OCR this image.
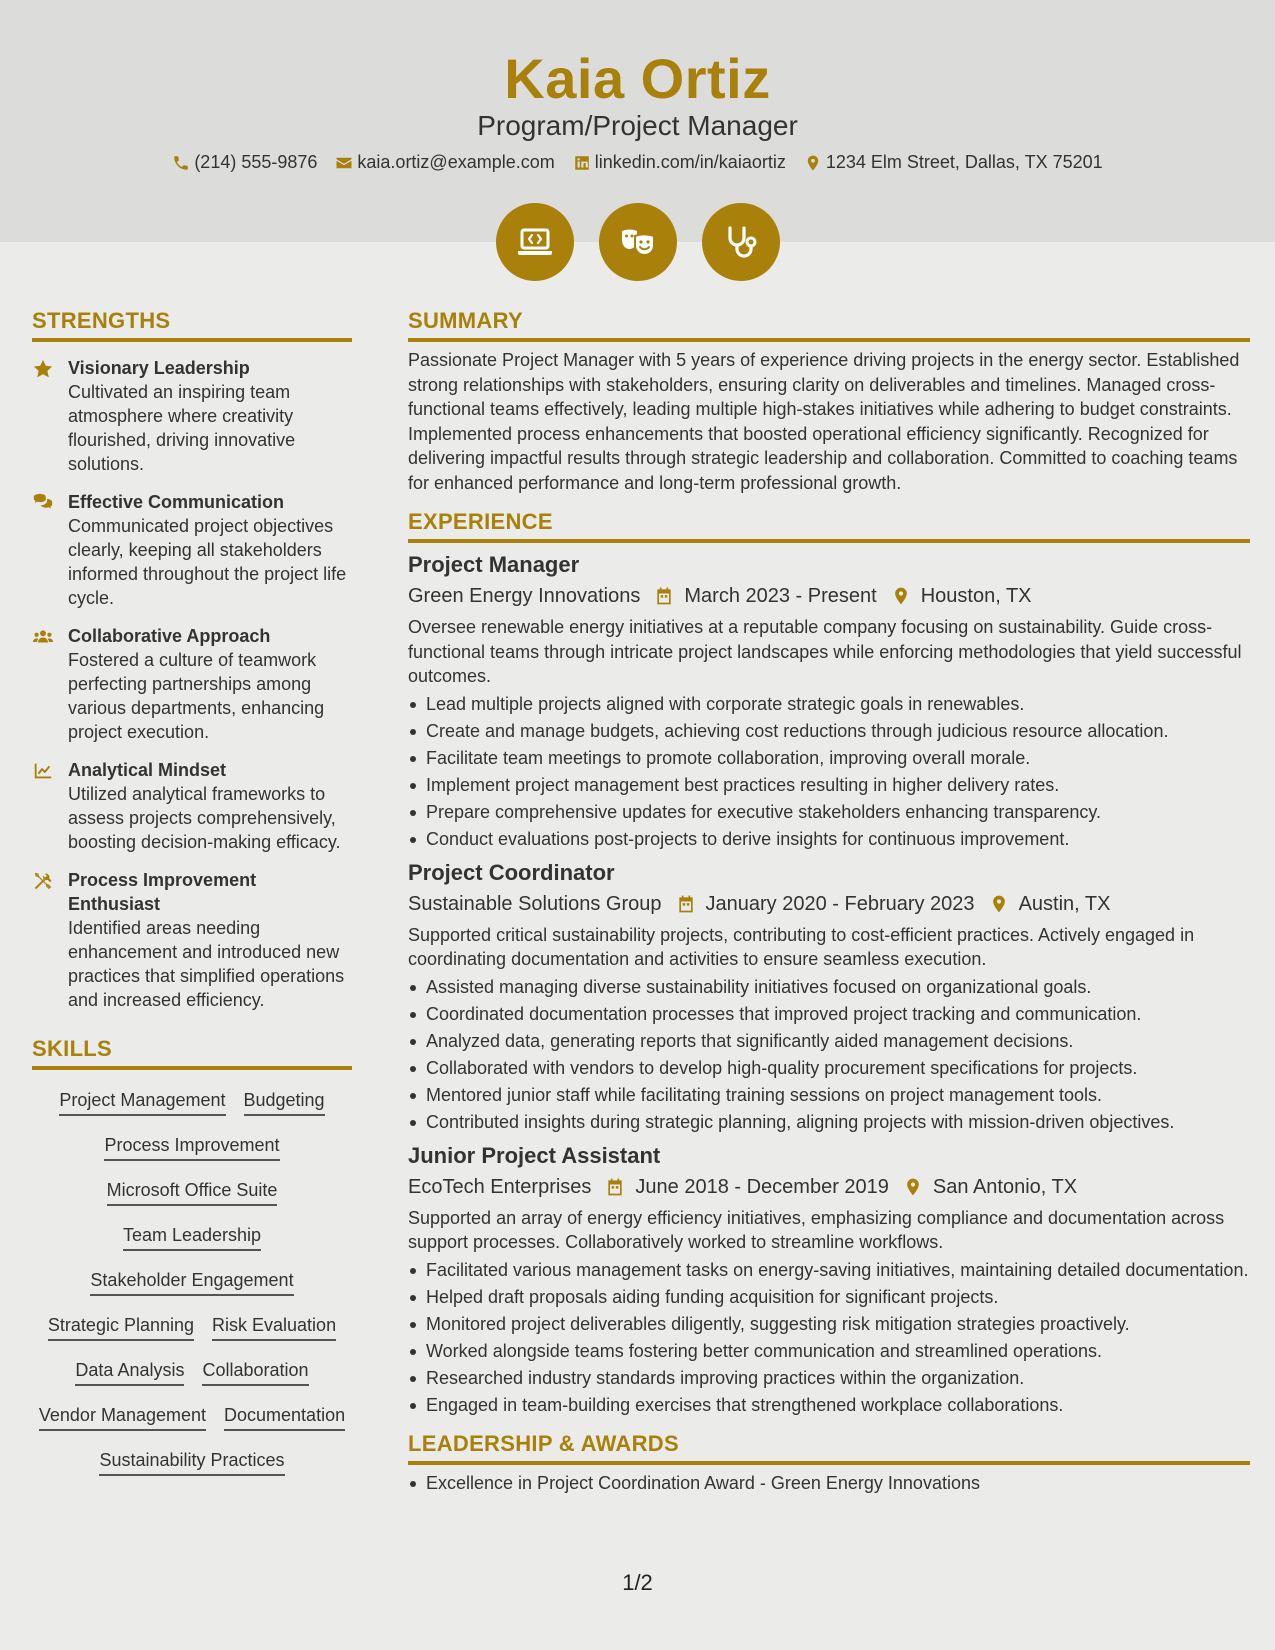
Kaia Ortiz
Program/Project Manager
(214) 555-9876 kaia.ortiz@example.com linkedin.com/in/kaiaortiz 1234 Elm Street, Dallas, TX 75201
STRENGTHS
Visionary Leadership
Cultivated an inspiring team atmosphere where creativity flourished, driving innovative solutions.
Effective Communication
Communicated project objectives clearly, keeping all stakeholders informed throughout the project life cycle.
Collaborative Approach
Fostered a culture of teamwork perfecting partnerships among various departments, enhancing project execution.
Analytical Mindset
Utilized analytical frameworks to assess projects comprehensively, boosting decision-making efficacy.
Process Improvement Enthusiast
Identified areas needing enhancement and introduced new practices that simplified operations and increased efficiency.
SKILLS
Project Management Budgeting
Process Improvement
Microsoft Office Suite
Team Leadership
Stakeholder Engagement
Strategic Planning Risk Evaluation
Data Analysis Collaboration
Vendor Management Documentation
Sustainability Practices
SUMMARY
Passionate Project Manager with 5 years of experience driving projects in the energy sector. Established strong relationships with stakeholders, ensuring clarity on deliverables and timelines. Managed cross-functional teams effectively, leading multiple high-stakes initiatives while adhering to budget constraints. Implemented process enhancements that boosted operational efficiency significantly. Recognized for delivering impactful results through strategic leadership and collaboration. Committed to coaching teams for enhanced performance and long-term professional growth.
EXPERIENCE
Project Manager
Green Energy Innovations March 2023 - Present Houston, TX
Oversee renewable energy initiatives at a reputable company focusing on sustainability. Guide cross-functional teams through intricate project landscapes while enforcing methodologies that yield successful outcomes.
Lead multiple projects aligned with corporate strategic goals in renewables.
Create and manage budgets, achieving cost reductions through judicious resource allocation.
Facilitate team meetings to promote collaboration, improving overall morale.
Implement project management best practices resulting in higher delivery rates.
Prepare comprehensive updates for executive stakeholders enhancing transparency.
Conduct evaluations post-projects to derive insights for continuous improvement.
Project Coordinator
Sustainable Solutions Group January 2020 - February 2023 Austin, TX
Supported critical sustainability projects, contributing to cost-efficient practices. Actively engaged in coordinating documentation and activities to ensure seamless execution.
Assisted managing diverse sustainability initiatives focused on organizational goals.
Coordinated documentation processes that improved project tracking and communication.
Analyzed data, generating reports that significantly aided management decisions.
Collaborated with vendors to develop high-quality procurement specifications for projects.
Mentored junior staff while facilitating training sessions on project management tools.
Contributed insights during strategic planning, aligning projects with mission-driven objectives.
Junior Project Assistant
EcoTech Enterprises June 2018 - December 2019 San Antonio, TX
Supported an array of energy efficiency initiatives, emphasizing compliance and documentation across support processes. Collaboratively worked to streamline workflows.
Facilitated various management tasks on energy-saving initiatives, maintaining detailed documentation.
Helped draft proposals aiding funding acquisition for significant projects.
Monitored project deliverables diligently, suggesting risk mitigation strategies proactively.
Worked alongside teams fostering better communication and streamlined operations.
Researched industry standards improving practices within the organization.
Engaged in team-building exercises that strengthened workplace collaborations.
LEADERSHIP & AWARDS
Excellence in Project Coordination Award - Green Energy Innovations
1/2
